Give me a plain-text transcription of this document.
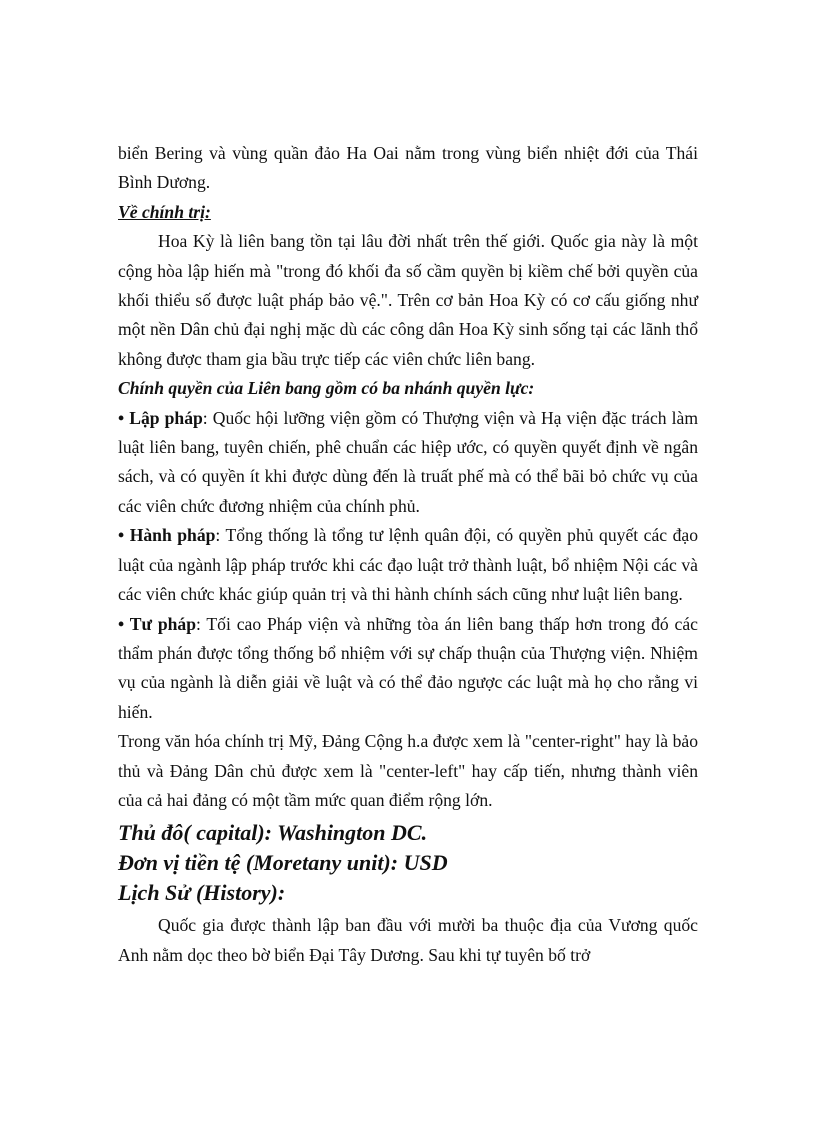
biển Bering và vùng quần đảo Ha Oai nằm trong vùng biển nhiệt đới của Thái Bình Dương.

Về chính trị:

Hoa Kỳ là liên bang tồn tại lâu đời nhất trên thế giới. Quốc gia này là một cộng hòa lập hiến mà "trong đó khối đa số cầm quyền bị kiềm chế bởi quyền của khối thiểu số được luật pháp bảo vệ.". Trên cơ bản Hoa Kỳ có cơ cấu giống như một nền Dân chủ đại nghị mặc dù các công dân Hoa Kỳ sinh sống tại các lãnh thổ không được tham gia bầu trực tiếp các viên chức liên bang.

Chính quyền của Liên bang gồm có ba nhánh quyền lực:

• Lập pháp: Quốc hội lưỡng viện gồm có Thượng viện và Hạ viện đặc trách làm luật liên bang, tuyên chiến, phê chuẩn các hiệp ước, có quyền quyết định về ngân sách, và có quyền ít khi được dùng đến là truất phế mà có thể bãi bỏ chức vụ của các viên chức đương nhiệm của chính phủ.

• Hành pháp: Tổng thống là tổng tư lệnh quân đội, có quyền phủ quyết các đạo luật của ngành lập pháp trước khi các đạo luật trở thành luật, bổ nhiệm Nội các và các viên chức khác giúp quản trị và thi hành chính sách cũng như luật liên bang.

• Tư pháp: Tối cao Pháp viện và những tòa án liên bang thấp hơn trong đó các thẩm phán được tổng thống bổ nhiệm với sự chấp thuận của Thượng viện. Nhiệm vụ của ngành là diễn giải về luật và có thể đảo ngược các luật mà họ cho rằng vi hiến.

Trong văn hóa chính trị Mỹ, Đảng Cộng h.a được xem là "center-right" hay là bảo thủ và Đảng Dân chủ được xem là "center-left" hay cấp tiến, nhưng thành viên của cả hai đảng có một tầm mức quan điểm rộng lớn.

Thủ đô( capital): Washington DC.

Đơn vị tiền tệ (Moretany unit): USD

Lịch Sử (History):

Quốc gia được thành lập ban đầu với mười ba thuộc địa của Vương quốc Anh nằm dọc theo bờ biển Đại Tây Dương. Sau khi tự tuyên bố trở
